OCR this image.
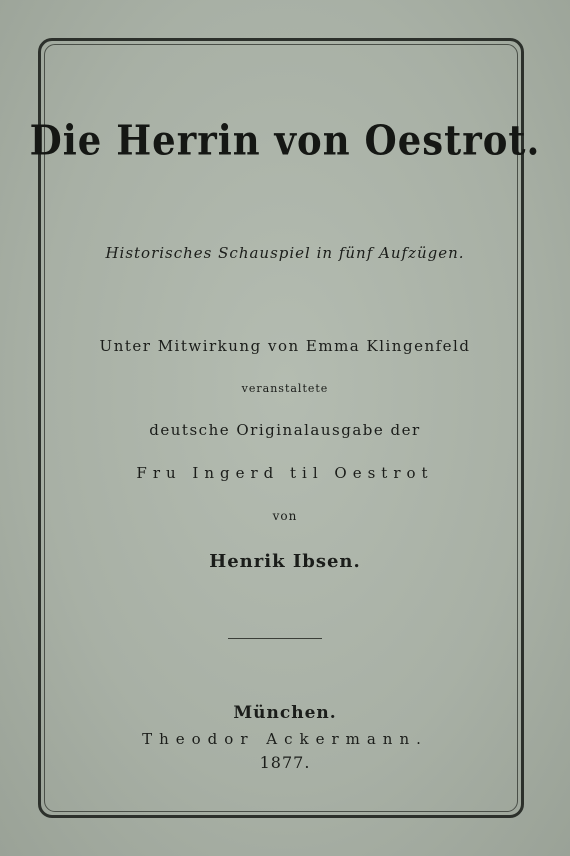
Die Herrin von Oestrot.
Historisches Schauspiel in fünf Aufzügen.
Unter Mitwirkung von Emma Klingenfeld
veranstaltete
deutsche Originalausgabe der
Fru Ingerd til Oestrot
von
Henrik Ibsen.
München.
Theodor Ackermann.
1877.
